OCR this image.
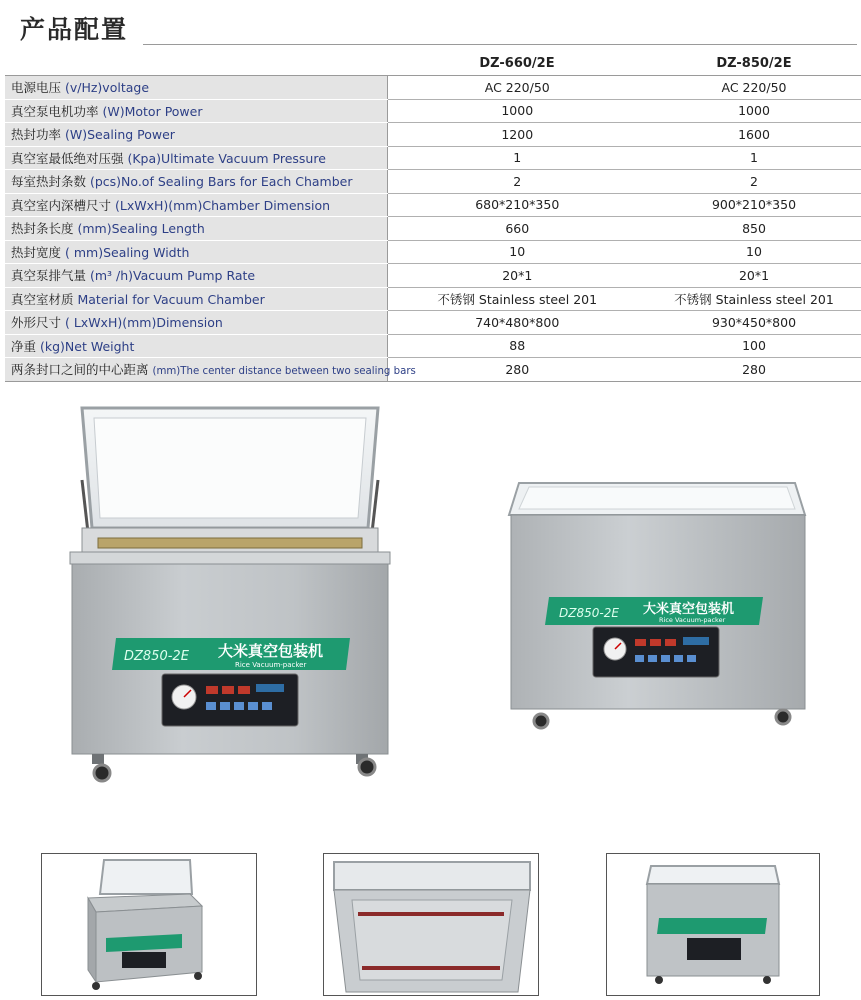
产品配置
	DZ-660/2E	DZ-850/2E
电源电压 (v/Hz)voltage	AC 220/50	AC 220/50
真空泵电机功率 (W)Motor Power	1000	1000
热封功率 (W)Sealing Power	1200	1600
真空室最低绝对压强 (Kpa)Ultimate Vacuum Pressure	1	1
每室热封条数 (pcs)No.of Sealing Bars for Each Chamber	2	2
真空室内深槽尺寸 (LxWxH)(mm)Chamber Dimension	680*210*350	900*210*350
热封条长度 (mm)Sealing Length	660	850
热封宽度 ( mm)Sealing Width	10	10
真空泵排气量 (m³ /h)Vacuum Pump Rate	20*1	20*1
真空室材质 Material for Vacuum Chamber	不锈钢 Stainless steel 201	不锈钢 Stainless steel 201
外形尺寸 ( LxWxH)(mm)Dimension	740*480*800	930*450*800
净重 (kg)Net Weight	88	100
两条封口之间的中心距离 (mm)The center distance between two sealing bars	280	280
DZ850-2E 大米真空包装机
Rice Vacuum-packer
DZ850-2E 大米真空包装机
Rice Vacuum-packer
